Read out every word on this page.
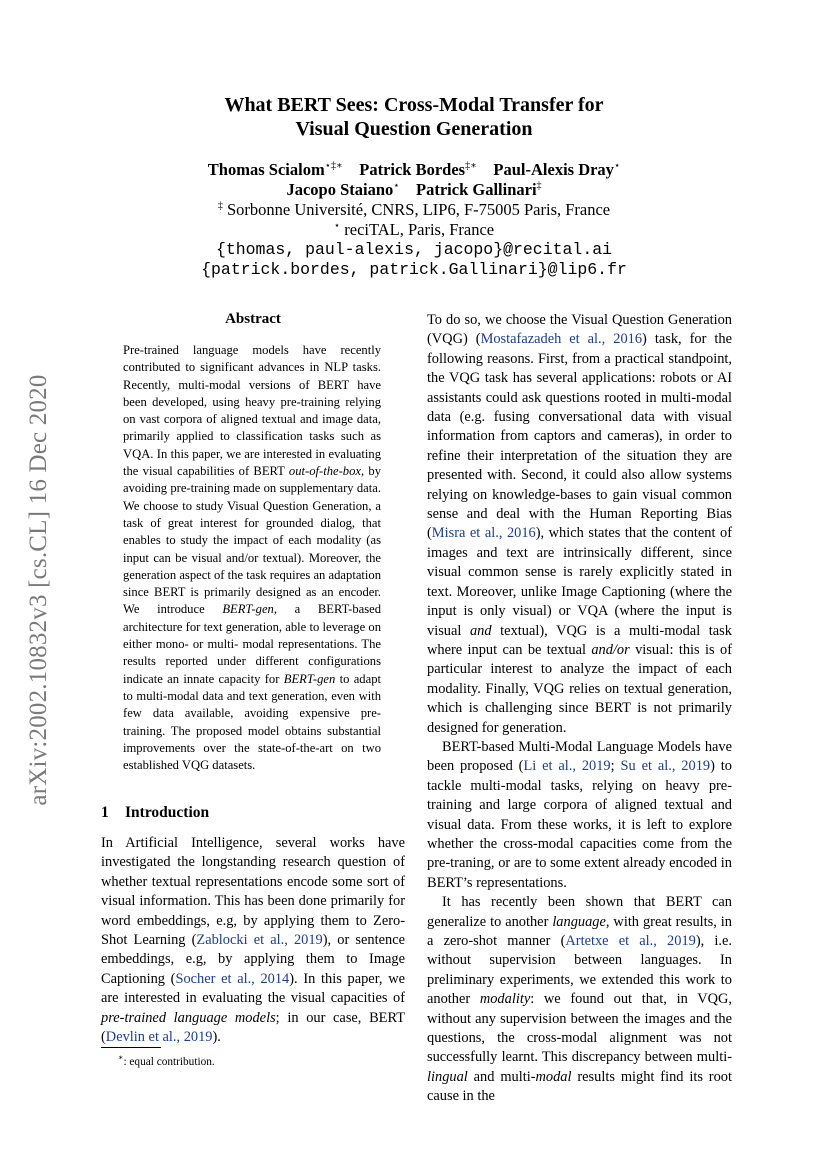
arXiv:2002.10832v3 [cs.CL] 16 Dec 2020
What BERT Sees: Cross-Modal Transfer for
Visual Question Generation
Thomas Scialom⋆‡∗ Patrick Bordes‡∗ Paul-Alexis Dray⋆
Jacopo Staiano⋆ Patrick Gallinari‡
‡ Sorbonne Université, CNRS, LIP6, F-75005 Paris, France
⋆ reciTAL, Paris, France
{thomas, paul-alexis, jacopo}@recital.ai
{patrick.bordes, patrick.Gallinari}@lip6.fr
Abstract
Pre-trained language models have recently contributed to significant advances in NLP tasks. Recently, multi-modal versions of BERT have been developed, using heavy pre-training relying on vast corpora of aligned textual and image data, primarily applied to classification tasks such as VQA. In this paper, we are interested in evaluating the visual capabilities of BERT out-of-the-box, by avoiding pre-training made on supplementary data. We choose to study Visual Question Generation, a task of great interest for grounded dialog, that enables to study the impact of each modality (as input can be visual and/or textual). Moreover, the generation aspect of the task requires an adaptation since BERT is primarily designed as an encoder. We introduce BERT-gen, a BERT-based architecture for text generation, able to leverage on either mono- or multi- modal representations. The results reported under different configurations indicate an innate capacity for BERT-gen to adapt to multi-modal data and text generation, even with few data available, avoiding expensive pre-training. The proposed model obtains substantial improvements over the state-of-the-art on two established VQG datasets.
1 Introduction

In Artificial Intelligence, several works have investigated the longstanding research question of whether textual representations encode some sort of visual information. This has been done primarily for word embeddings, e.g, by applying them to Zero-Shot Learning (Zablocki et al., 2019), or sentence embeddings, e.g, by applying them to Image Captioning (Socher et al., 2014). In this paper, we are interested in evaluating the visual capacities of pre-trained language models; in our case, BERT (Devlin et al., 2019).

∗: equal contribution.

To do so, we choose the Visual Question Generation (VQG) (Mostafazadeh et al., 2016) task, for the following reasons. First, from a practical standpoint, the VQG task has several applications: robots or AI assistants could ask questions rooted in multi-modal data (e.g. fusing conversational data with visual information from captors and cameras), in order to refine their interpretation of the situation they are presented with. Second, it could also allow systems relying on knowledge-bases to gain visual common sense and deal with the Human Reporting Bias (Misra et al., 2016), which states that the content of images and text are intrinsically different, since visual common sense is rarely explicitly stated in text. Moreover, unlike Image Captioning (where the input is only visual) or VQA (where the input is visual and textual), VQG is a multi-modal task where input can be textual and/or visual: this is of particular interest to analyze the impact of each modality. Finally, VQG relies on textual generation, which is challenging since BERT is not primarily designed for generation.

BERT-based Multi-Modal Language Models have been proposed (Li et al., 2019; Su et al., 2019) to tackle multi-modal tasks, relying on heavy pre-training and large corpora of aligned textual and visual data. From these works, it is left to explore whether the cross-modal capacities come from the pre-traning, or are to some extent already encoded in BERT’s representations.

It has recently been shown that BERT can generalize to another language, with great results, in a zero-shot manner (Artetxe et al., 2019), i.e. without supervision between languages. In preliminary experiments, we extended this work to another modality: we found out that, in VQG, without any supervision between the images and the questions, the cross-modal alignment was not successfully learnt. This discrepancy between multi-lingual and multi-modal results might find its root cause in the
